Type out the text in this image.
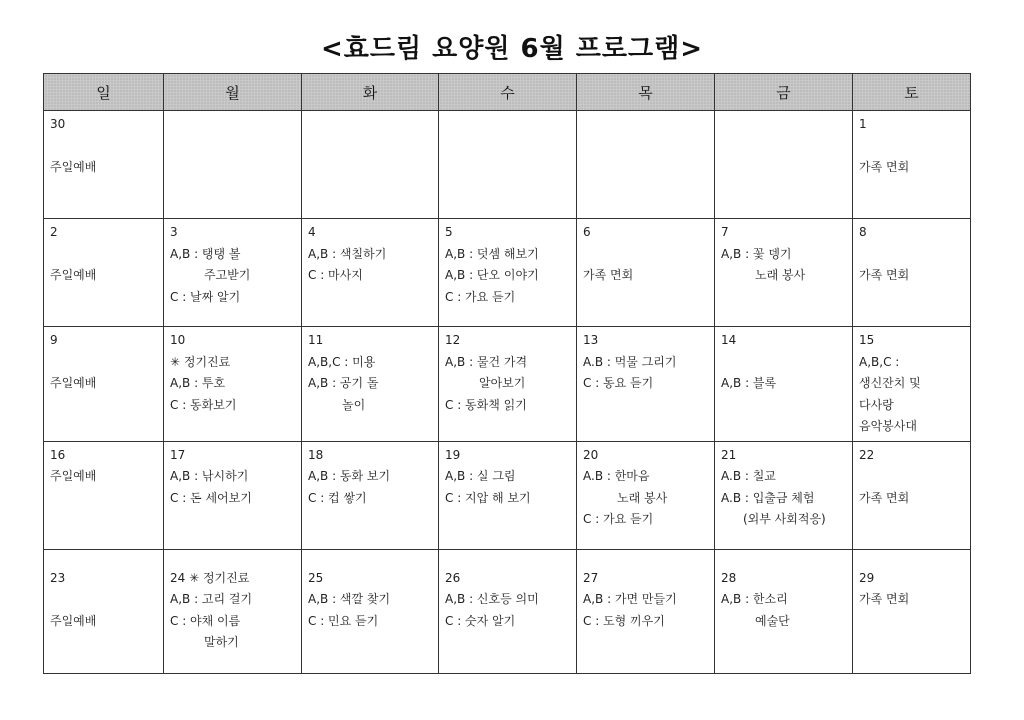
<효드림 요양원 6월 프로그램>
일	월	화	수	목	금	토

30
주일예배						1
가족 면회

2
주일예배	3
A,B : 탱탱 볼
주고받기
C : 날짜 알기	4
A,B : 색칠하기
C : 마사지	5
A,B : 덧셈 해보기
A,B : 단오 이야기
C : 가요 듣기	6
가족 면회	7
A,B : 꽃 뎅기
노래 봉사	8
가족 면회

9
주일예배	10
✳ 정기진료
A,B : 투호
C : 동화보기	11
A,B,C : 미용
A,B : 공기 돌
놀이	12
A,B : 물건 가격
알아보기
C : 동화책 읽기	13
A.B : 먹물 그리기
C : 동요 듣기	14
A,B : 블록	15
A,B,C :
생신잔치 및
다사랑
음악봉사대

16
주일예배	17
A,B : 낚시하기
C : 돈 세어보기	18
A,B : 동화 보기
C : 컵 쌓기	19
A,B : 실 그림
C : 지압 해 보기	20
A.B : 한마음
노래 봉사
C : 가요 듣기	21
A.B : 칠교
A.B : 입출금 체험
(외부 사회적응)	22
가족 면회

23
주일예배	24 ✳ 정기진료
A,B : 고리 걸기
C : 야채 이름
말하기	25
A,B : 색깔 찾기
C : 민요 듣기	26
A,B : 신호등 의미
C : 숫자 알기	27
A,B : 가면 만들기
C : 도형 끼우기	28
A,B : 한소리
예술단	29
가족 면회
